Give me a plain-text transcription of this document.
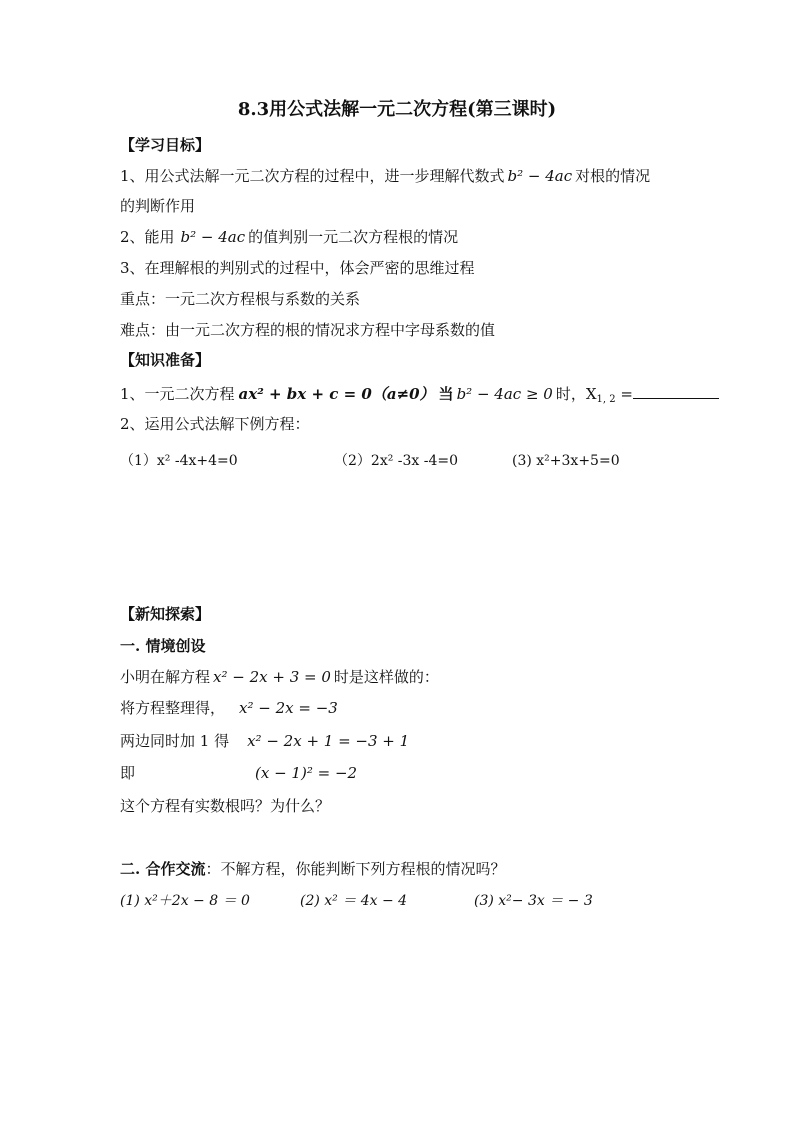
8.3用公式法解一元二次方程(第三课时)
【学习目标】
1、用公式法解一元二次方程的过程中，进一步理解代数式 b² − 4ac 对根的情况
的判断作用
2、能用 b² − 4ac 的值判别一元二次方程根的情况
3、在理解根的判别式的过程中，体会严密的思维过程
重点：一元二次方程根与系数的关系
难点：由一元二次方程的根的情况求方程中字母系数的值
【知识准备】
1、一元二次方程 ax² + bx + c = 0（a≠0） 当 b² − 4ac ≥ 0 时，$X_{1, 2}$ =
2、运用公式法解下例方程：
（1）x² -4x+4=0	（2）2x² -3x -4=0	(3) x²+3x+5=0
【新知探索】
一. 情境创设
小明在解方程 x² − 2x + 3 = 0 时是这样做的：
将方程整理得， x² − 2x = −3
两边同时加 1 得 x² − 2x + 1 = −3 + 1
即	(x − 1)² = −2
这个方程有实数根吗？为什么？
二. 合作交流：不解方程，你能判断下列方程根的情况吗？
(1) x²＋2x − 8 ＝ 0	(2) x² ＝ 4x − 4	(3) x²− 3x ＝ − 3
